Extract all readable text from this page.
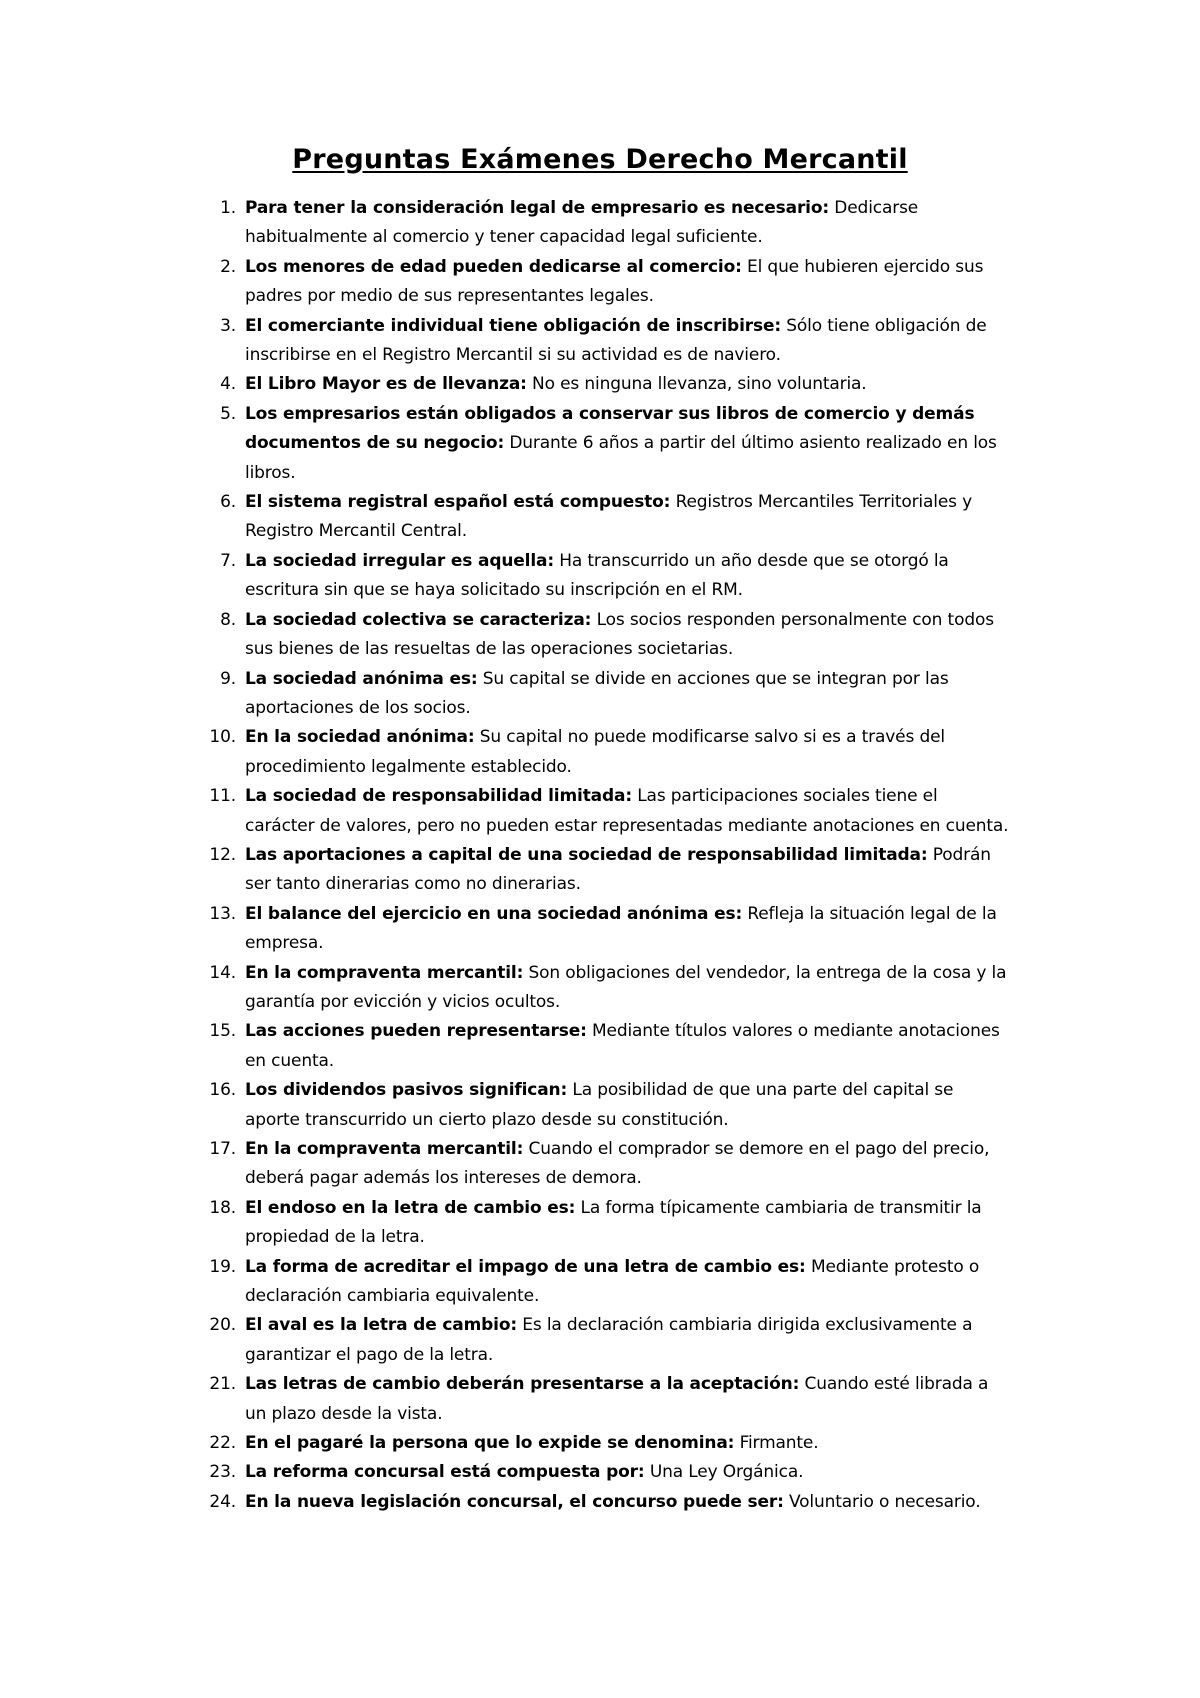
Preguntas Exámenes Derecho Mercantil
1. Para tener la consideración legal de empresario es necesario: Dedicarse habitualmente al comercio y tener capacidad legal suficiente.
2. Los menores de edad pueden dedicarse al comercio: El que hubieren ejercido sus padres por medio de sus representantes legales.
3. El comerciante individual tiene obligación de inscribirse: Sólo tiene obligación de inscribirse en el Registro Mercantil si su actividad es de naviero.
4. El Libro Mayor es de llevanza: No es ninguna llevanza, sino voluntaria.
5. Los empresarios están obligados a conservar sus libros de comercio y demás documentos de su negocio: Durante 6 años a partir del último asiento realizado en los libros.
6. El sistema registral español está compuesto: Registros Mercantiles Territoriales y Registro Mercantil Central.
7. La sociedad irregular es aquella: Ha transcurrido un año desde que se otorgó la escritura sin que se haya solicitado su inscripción en el RM.
8. La sociedad colectiva se caracteriza: Los socios responden personalmente con todos sus bienes de las resueltas de las operaciones societarias.
9. La sociedad anónima es: Su capital se divide en acciones que se integran por las aportaciones de los socios.
10. En la sociedad anónima: Su capital no puede modificarse salvo si es a través del procedimiento legalmente establecido.
11. La sociedad de responsabilidad limitada: Las participaciones sociales tiene el carácter de valores, pero no pueden estar representadas mediante anotaciones en cuenta.
12. Las aportaciones a capital de una sociedad de responsabilidad limitada: Podrán ser tanto dinerarias como no dinerarias.
13. El balance del ejercicio en una sociedad anónima es: Refleja la situación legal de la empresa.
14. En la compraventa mercantil: Son obligaciones del vendedor, la entrega de la cosa y la garantía por evicción y vicios ocultos.
15. Las acciones pueden representarse: Mediante títulos valores o mediante anotaciones en cuenta.
16. Los dividendos pasivos significan: La posibilidad de que una parte del capital se aporte transcurrido un cierto plazo desde su constitución.
17. En la compraventa mercantil: Cuando el comprador se demore en el pago del precio, deberá pagar además los intereses de demora.
18. El endoso en la letra de cambio es: La forma típicamente cambiaria de transmitir la propiedad de la letra.
19. La forma de acreditar el impago de una letra de cambio es: Mediante protesto o declaración cambiaria equivalente.
20. El aval es la letra de cambio: Es la declaración cambiaria dirigida exclusivamente a garantizar el pago de la letra.
21. Las letras de cambio deberán presentarse a la aceptación: Cuando esté librada a un plazo desde la vista.
22. En el pagaré la persona que lo expide se denomina: Firmante.
23. La reforma concursal está compuesta por: Una Ley Orgánica.
24. En la nueva legislación concursal, el concurso puede ser: Voluntario o necesario.
